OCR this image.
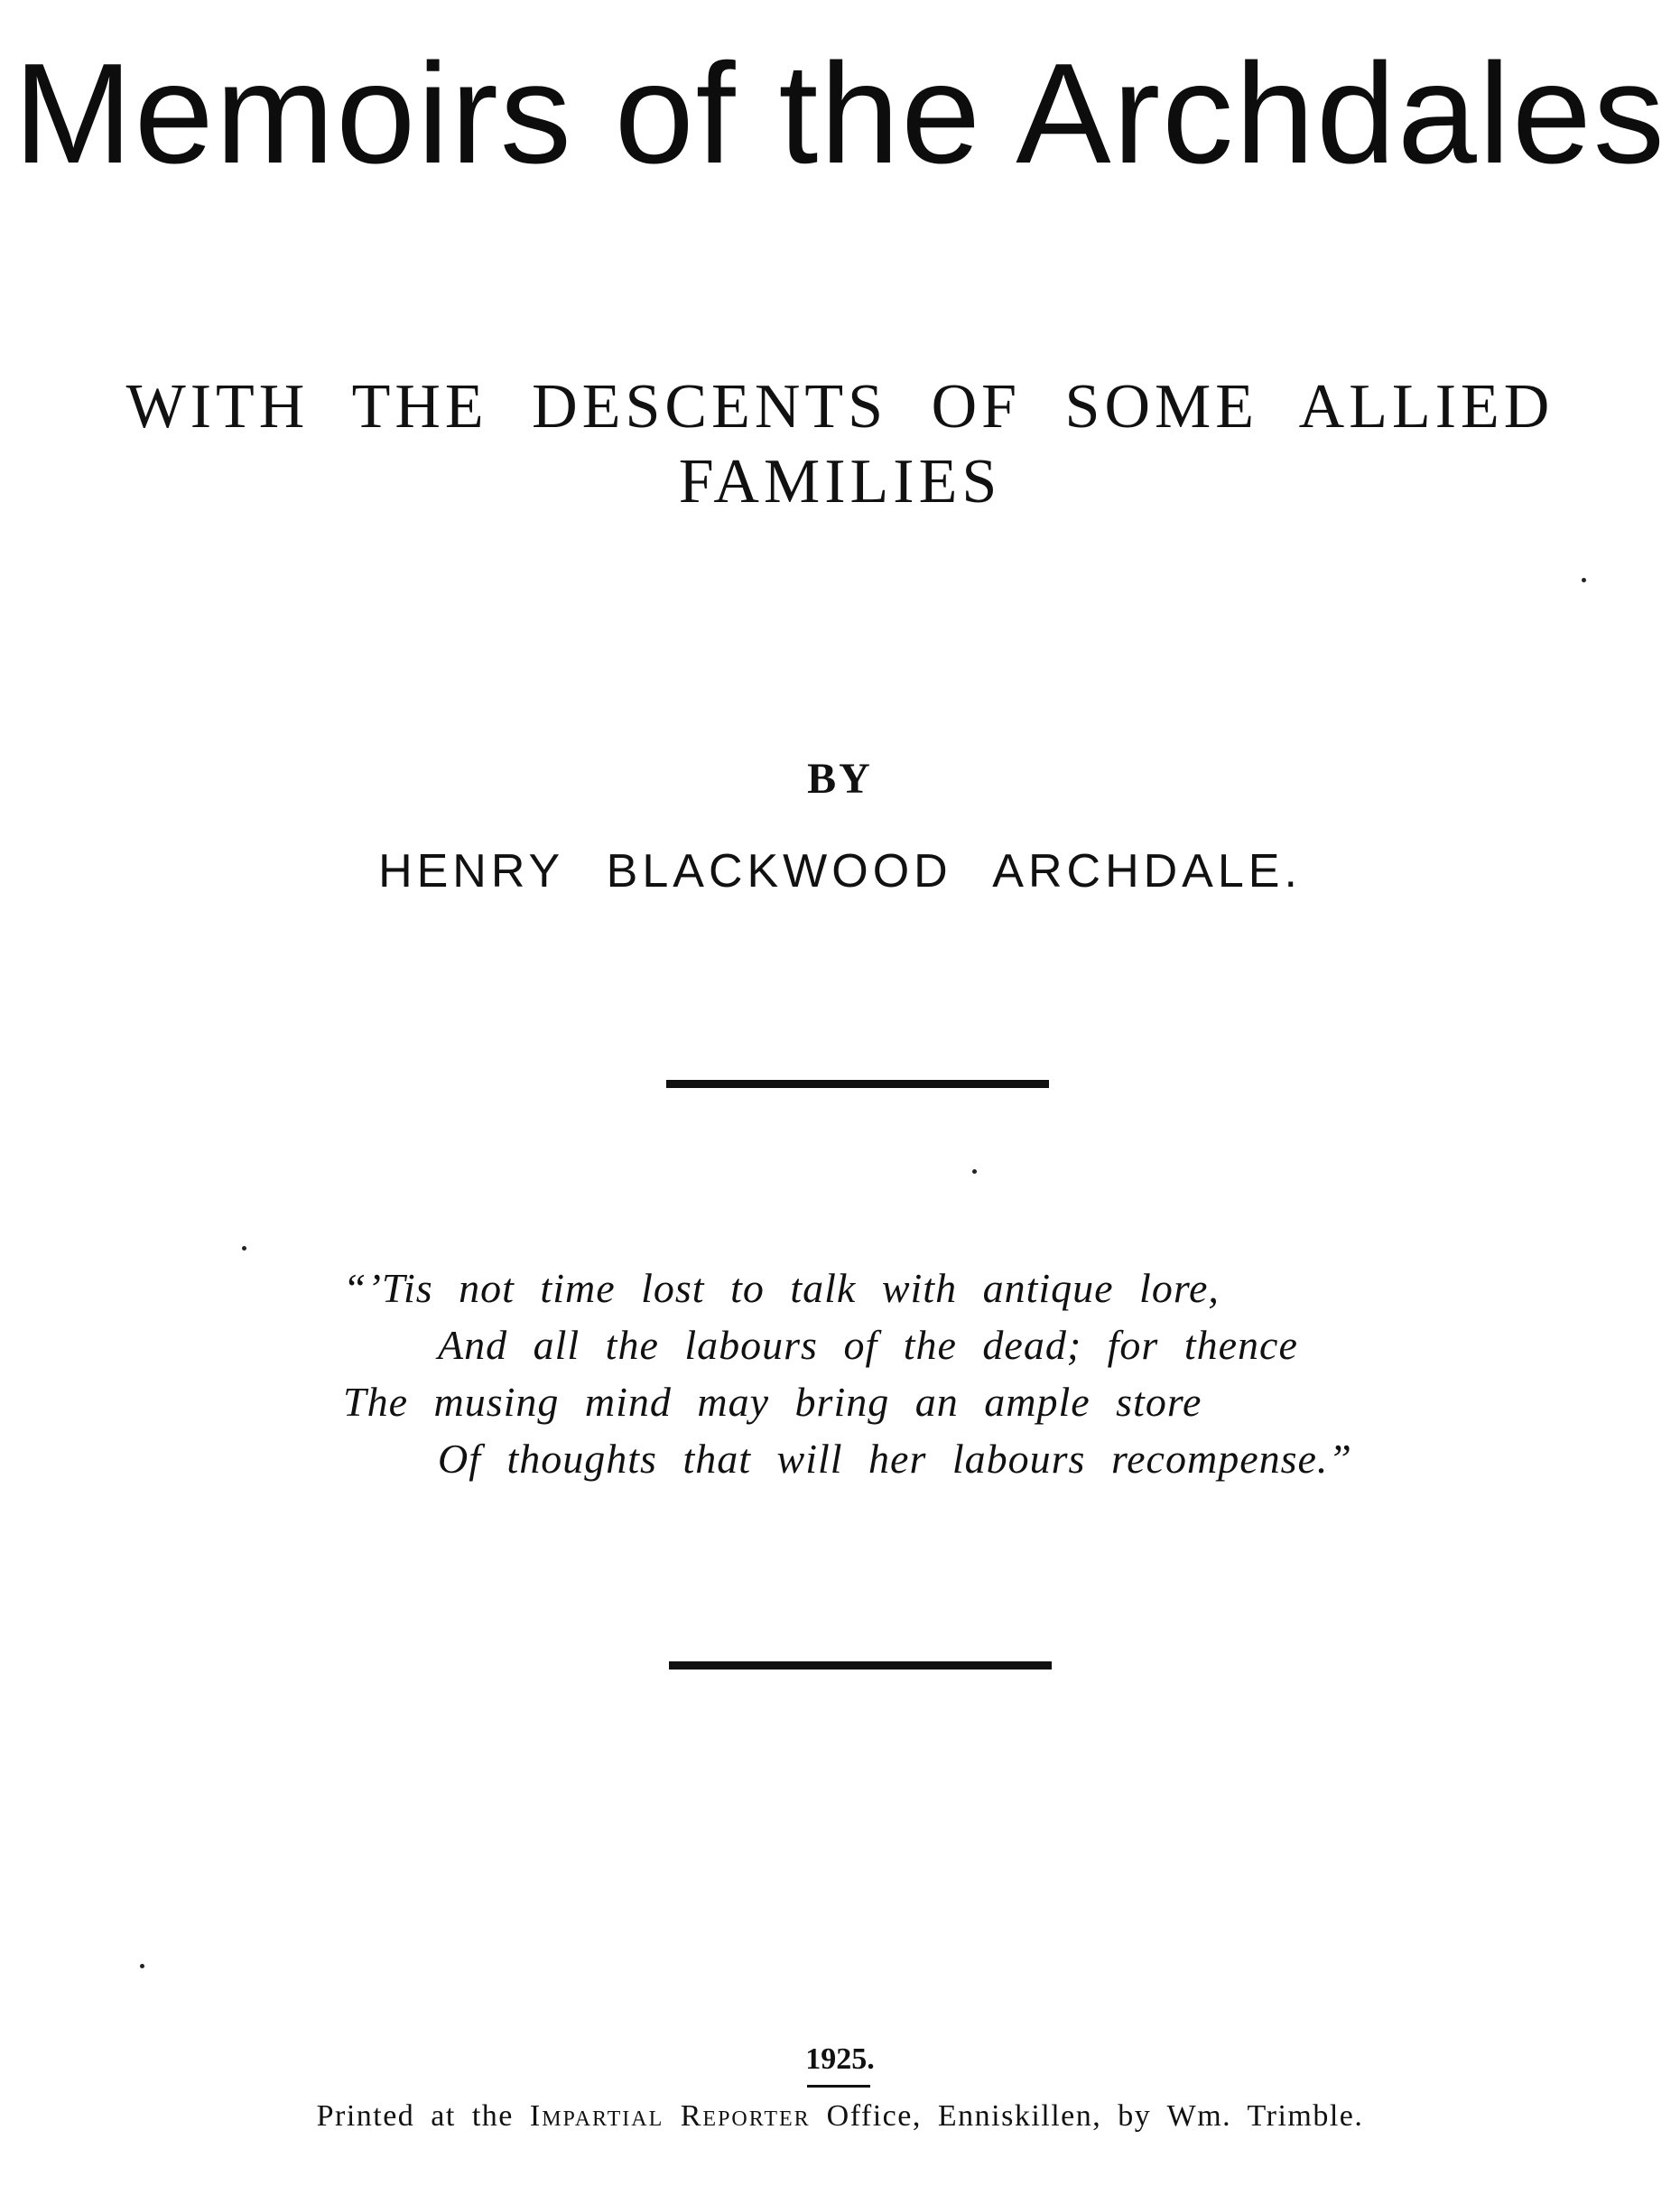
Memoirs of the Archdales
WITH THE DESCENTS OF SOME ALLIED
FAMILIES
BY
HENRY BLACKWOOD ARCHDALE.
“’Tis not time lost to talk with antique lore,
And all the labours of the dead; for thence
The musing mind may bring an ample store
Of thoughts that will her labours recompense.”
1925.
Printed at the Impartial Reporter Office, Enniskillen, by Wm. Trimble.
